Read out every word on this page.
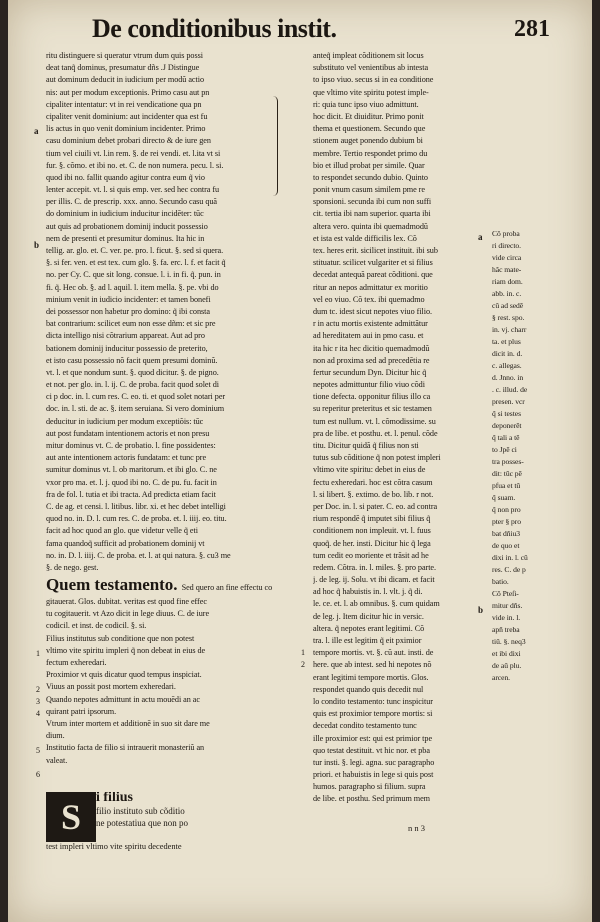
De conditionibus instit.	281
ritu distinguere si queratur vtrum dum quis possi
deat tanq̃ dominus, presumatur dñs .J Distingue
aut dominum deducit in iudicium per modũ actio
nis: aut per modum exceptionis. Primo casu aut pn
cipaliter intentatur: vt in rei vendicatione qua pn
cipaliter venit dominium: aut incidenter qua est fu
lis actus in quo venit dominium incidenter. Primo
casu dominium debet probari directo & de iure gen
tium vel ciuili vt. l.in rem. §. de rei vendi. et. l.ita vt si
fur. §. cõmo. et ibi no. et. C. de non numera. pecu. l. si.
quod ibi no. fallit quando agitur contra eum q̃ vio
lenter accepit. vt. l. si quis emp. ver. sed hec contra fu
per illis. C. de prescrip. xxx. anno. Secundo casu quã
do dominium in iudicium inducitur incidēter: tūc
aut quis ad probationem dominij inducit possessio
nem de presenti et presumitur dominus. Ita hic in
tellig. ar. glo. et. C. ver. pe. pro. l. ficut. §. sed si quera.
§. si fer. ven. et est tex. cum glo. §. fa. erc. l. f. et facit q̃
no. per Cy. C. que sit long. consue. l. i. in fi. q̃. pun. in
fi. q̃. Hec ob. §. ad l. aquil. l. item mella. §. pe. vbi do
minium venit in iudicio incidenter: et tamen bonefi
dei possessor non habetur pro domino: q̃ ibi consta
bat contrarium: scilicet eum non esse dñm: et sic pre
dicta intelligo nisi cõtrarium appareat. Aut ad pro
bationem dominij inducitur possessio de preterito,
et isto casu possessio nõ facit quem presumi dominũ.
vt. l. et que nondum sunt. §. quod dicitur. §. de pigno.
et not. per glo. in. l. ij. C. de proba. facit quod solet di
ci p doc. in. l. cum res. C. eo. ti. et quod solet notari per
doc. in. l. sti. de ac. §. item seruiana. Si vero dominium
deducitur in iudicium per modum exceptiõis: tūc
aut post fundatam intentionem actoris et non presu
mitur dominus vt. C. de probatio. l. fine possidentes:
aut ante intentionem actoris fundatam: et tunc pre
sumitur dominus vt. l. ob maritorum. et ibi glo. C. ne
vxor pro ma. et. l. j. quod ibi no. C. de pu. fu. facit in
fra de fol. l. tutia et ibi tracta. Ad predicta etiam facit
C. de ag. et censi. l. litibus. libr. xi. et hec debet intelligi
quod no. in. D. l. cum res. C. de proba. et. l. iiij. eo. titu.
facit ad hoc quod an glo. que videtur velle q̃ eti
fama quandoq̃ sufficit ad probationem dominij vt
no. in. D. l. iiij. C. de proba. et. l. at qui natura. §. cu3 me
§. de nego. gest.
Quem testamento. Sed quero an fine effectu co
gitauerat. Glos. dubitat. veritas est quod fine effec
tu cogitauerit. vt Azo dicit in lege diuus. C. de iure
codicil. et inst. de codicil. §. si.
Filius institutus sub conditione que non potest
vltimo vite spiritu impleri q̃ non debeat in eius de
fectum exheredari.
Proximior vt quis dicatur quod tempus inspiciat.
Viuus an possit post mortem exheredari.
Quando nepotes admittunt in actu mouēdi an ac
quirant patri ipsorum.
Vtrum inter mortem et additionē in suo sit dare me
dium.
Institutio facta de filio si intrauerit monasteriũ an
valeat.
a
b
a
b
1
2
3
4
5
6
1
2
S	i filius
filio instituto sub cõditio
ne potestatiua que non po
test impleri vltimo vite spiritu decedente
anteq̃ impleat cõditionem sit locus
substituto vel venientibus ab intesta
to ipso viuo. secus si in ea conditione
que vltimo vite spiritu potest imple-
ri: quia tunc ipso viuo admittunt.
hoc dicit. Et diuiditur. Primo ponit
thema et questionem. Secundo que
stionem auget ponendo dubium bi
membre. Tertio respondet primo du
bio et illud probat per simile. Quar
to respondet secundo dubio. Quinto
ponit vnum casum similem pme re
sponsioni. secunda ibi cum non suffi
cit. tertia ibi nam superior. quarta ibi
altera vero. quinta ibi quemadmodũ
et ista est valde difficilis lex. Cõ
tex. heres erit. sicilicet instituit. ibi sub
stituatur. scilicet vulgariter et si filius
decedat antequã pareat cõditioni. que
ritur an nepos admittatur ex moritio
vel eo viuo. Cõ tex. ibi quemadmo
dum tc. idest sicut nepotes viuo filio.
r in actu mortis existente admittãtur
ad hereditatem aui in pmo casu. et
ita hic r ita hec dicitio quemadmodũ
non ad proxima sed ad precedētia re
fertur secundum Dyn. Dicitur hic q̃
nepotes admittuntur filio viuo cõdi
tione defecta. opponitur filius illo ca
su reperitur preteritus et sic testamen
tum est nullum. vt. l. cõmodissime. su
pra de libe. et posthu. et. l. penul. cõde
titu. Dicitur quidã q̃ filius non sti
tutus sub cõditione q̃ non potest impleri
vltimo vite spiritu: debet in eius de
fectu exheredari. hoc est cõtra casum
l. si libert. §. extimo. de bo. lib. r not.
per Doc. in. l. si pater. C. eo. ad contra
rium respondē q̃ imputet sibi filius q̃
conditionem non impleuit. vt. l. fuus
quoq̃. de her. insti. Dicitur hic q̃ lega
tum cedit eo moriente et trãsit ad he
redem. Cõtra. in. l. miles. §. pro parte.
j. de leg. ij. Solu. vt ibi dicam. et facit
ad hoc q̃ habuistis in. l. vlt. j. q̃ di.
le. ce. et. l. ab omnibus. §. cum quidam
de leg. j. Item dicitur hic in versic.
altera. q̃ nepotes erant legitimi. Cõ
tra. l. ille est legitim q̃ eit pximior
tempore mortis. vt. §. cũ aut. insti. de
here. que ab intest. sed hi nepotes nõ
erant legitimi tempore mortis. Glos.
respondet quando quis decedit nul
lo condito testamento: tunc inspicitur
quis est proximior tempore mortis: si
decedat condito testamento tunc
ille proximior est: qui est primior tpe
quo testat destituit. vt hic nor. et pba
tur insti. §. legi. agna. suc paragrapho
priori. et habuistis in lege si quis post
humos. paragrapho si filium. supra
de libe. et posthu. Sed primum mem
Cõ proba
ri directo.
vide circa
hãc mate-
riam dom.
abb. in. c.
cũ ad sedē
§ rest. spo.
in. vj. charr
ta. et plus
dicit in. d.
c. allegas.
d. Jnno. in
. c. illud. de
presen. vcr
q̃ si testes
deponerēt
q̃ tali a tē
to Jpē ci
tra posses-
dit: tūc pē
pfua et tũ
q̃ suam.
q̃ non pro
pter § pro
bat dñiu3
de quo et
dixi in. l. cũ
res. C. de p
batio.
Cõ Pteſi-
mitur dñs.
vide in. l.
apñ treba
tiũ. §. neq3
et ibi dixi
de aũ plu.
arcen.
n n 3
